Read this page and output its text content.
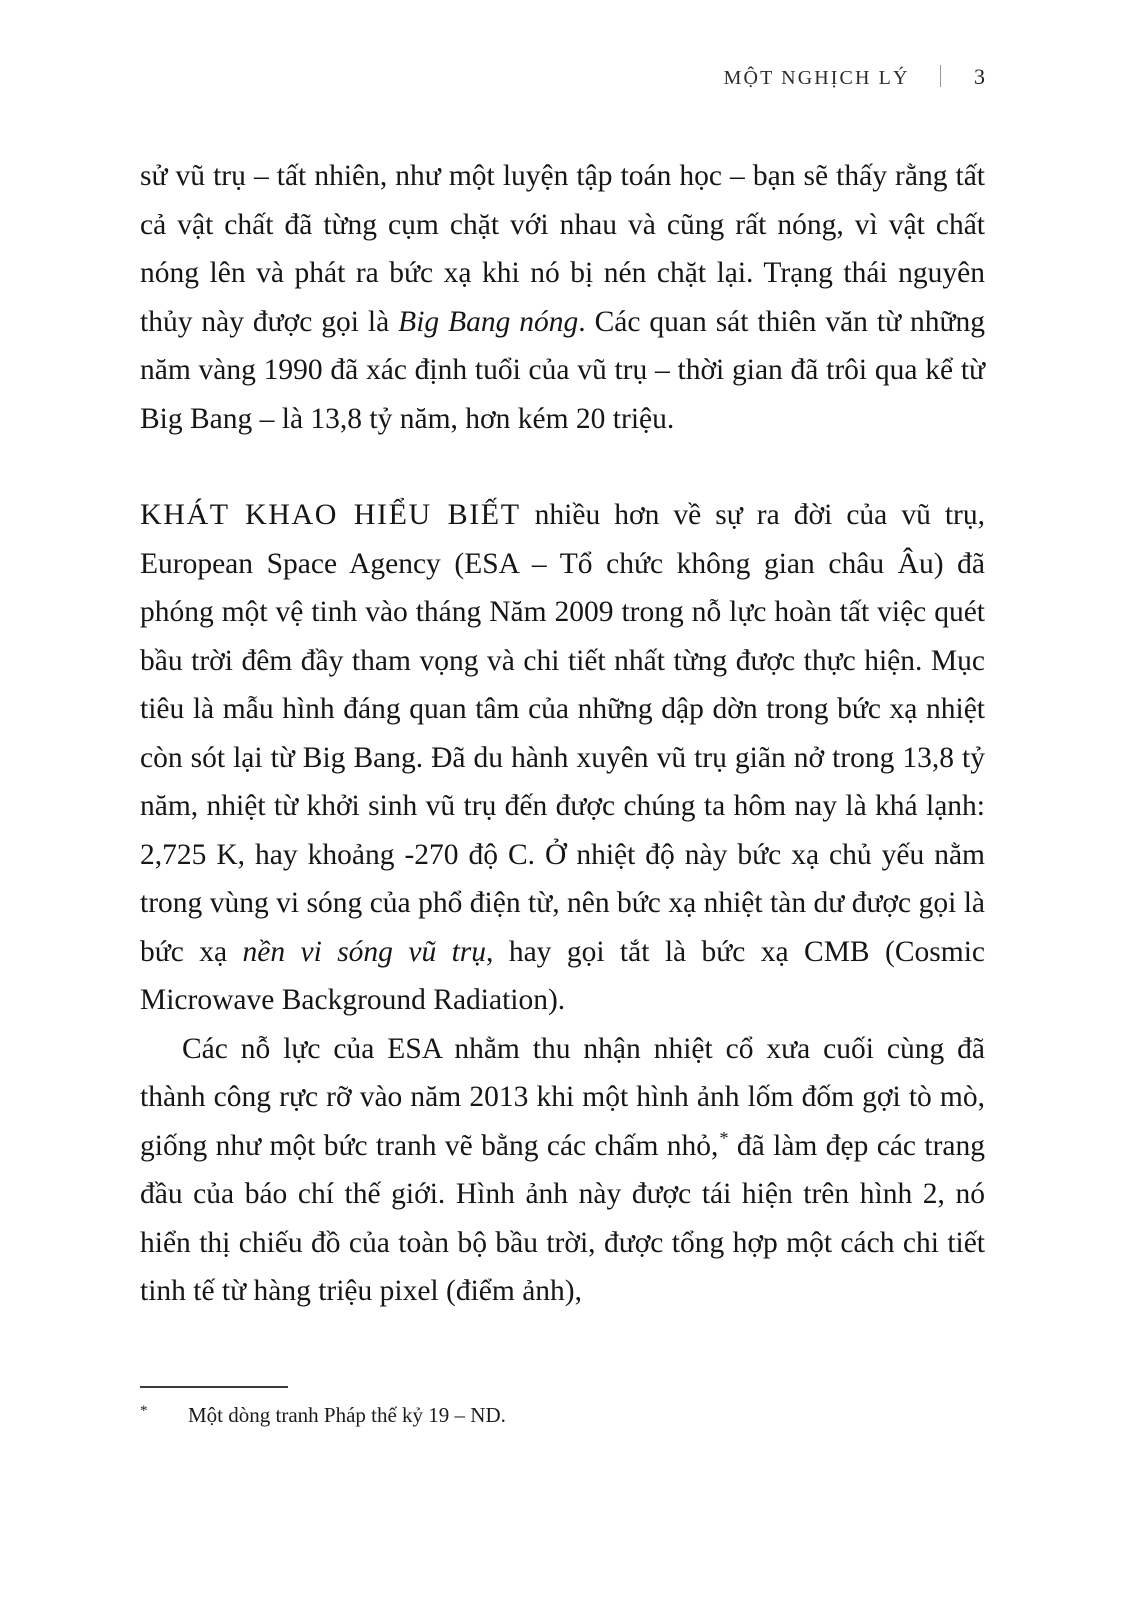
MỘT NGHỊCH LÝ	3

sử vũ trụ – tất nhiên, như một luyện tập toán học – bạn sẽ thấy rằng tất cả vật chất đã từng cụm chặt với nhau và cũng rất nóng, vì vật chất nóng lên và phát ra bức xạ khi nó bị nén chặt lại. Trạng thái nguyên thủy này được gọi là Big Bang nóng. Các quan sát thiên văn từ những năm vàng 1990 đã xác định tuổi của vũ trụ – thời gian đã trôi qua kể từ Big Bang – là 13,8 tỷ năm, hơn kém 20 triệu.

KHÁT KHAO HIỂU BIẾT nhiều hơn về sự ra đời của vũ trụ, European Space Agency (ESA – Tổ chức không gian châu Âu) đã phóng một vệ tinh vào tháng Năm 2009 trong nỗ lực hoàn tất việc quét bầu trời đêm đầy tham vọng và chi tiết nhất từng được thực hiện. Mục tiêu là mẫu hình đáng quan tâm của những dập dờn trong bức xạ nhiệt còn sót lại từ Big Bang. Đã du hành xuyên vũ trụ giãn nở trong 13,8 tỷ năm, nhiệt từ khởi sinh vũ trụ đến được chúng ta hôm nay là khá lạnh: 2,725 K, hay khoảng -270 độ C. Ở nhiệt độ này bức xạ chủ yếu nằm trong vùng vi sóng của phổ điện từ, nên bức xạ nhiệt tàn dư được gọi là bức xạ nền vi sóng vũ trụ, hay gọi tắt là bức xạ CMB (Cosmic Microwave Background Radiation).

Các nỗ lực của ESA nhằm thu nhận nhiệt cổ xưa cuối cùng đã thành công rực rỡ vào năm 2013 khi một hình ảnh lốm đốm gợi tò mò, giống như một bức tranh vẽ bằng các chấm nhỏ,* đã làm đẹp các trang đầu của báo chí thế giới. Hình ảnh này được tái hiện trên hình 2, nó hiển thị chiếu đồ của toàn bộ bầu trời, được tổng hợp một cách chi tiết tinh tế từ hàng triệu pixel (điểm ảnh),

*	Một dòng tranh Pháp thế kỷ 19 – ND.
